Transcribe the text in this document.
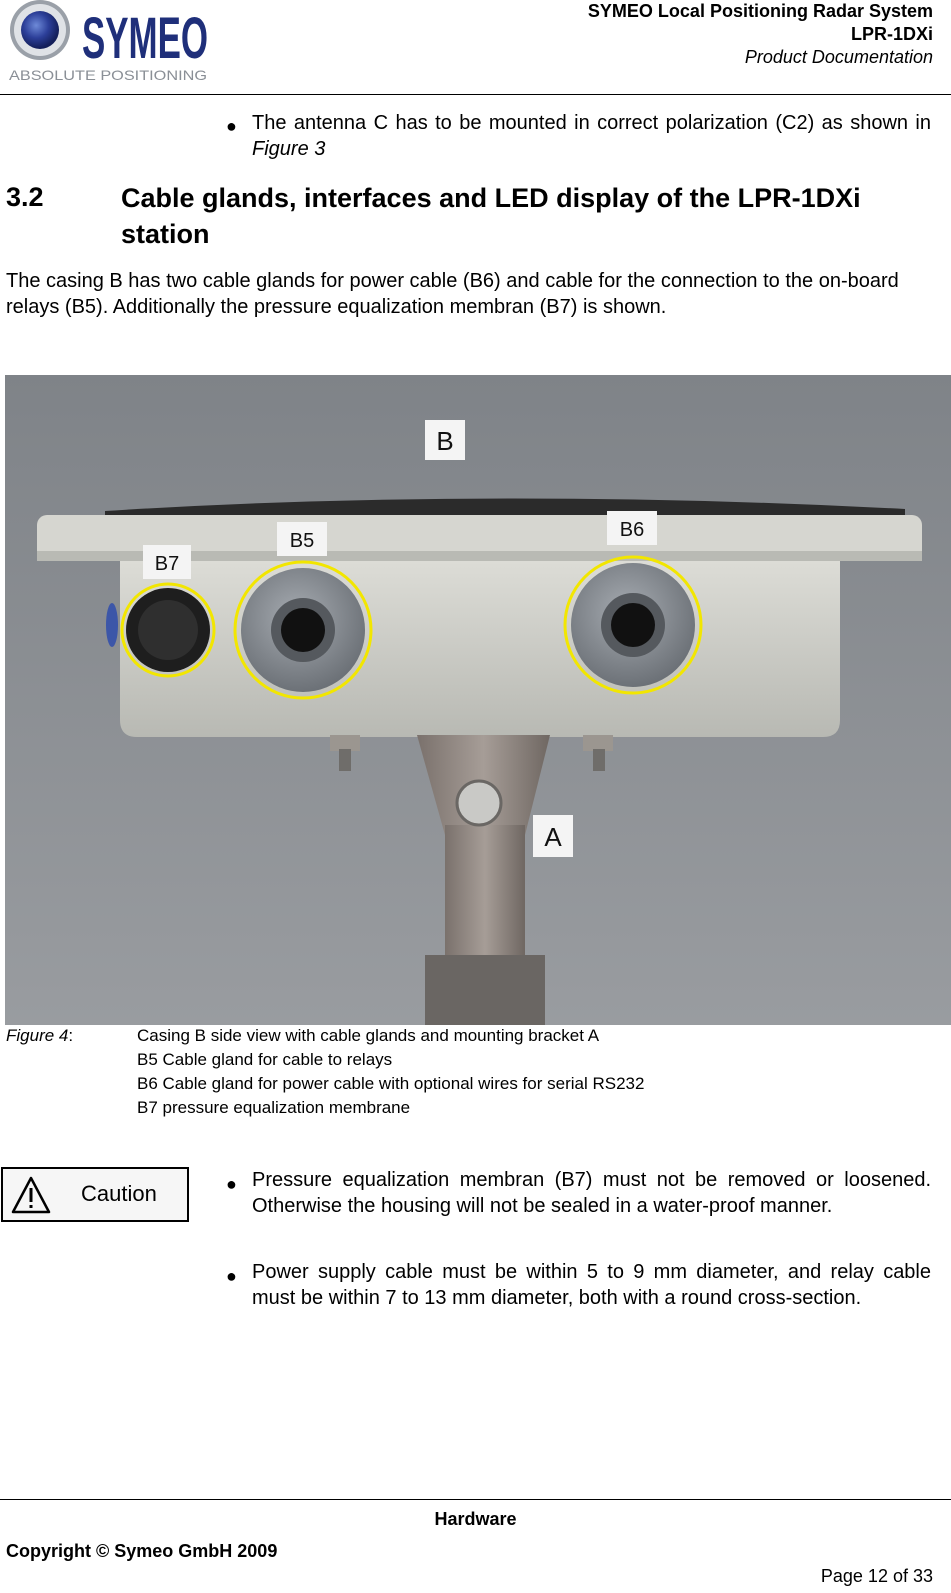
SYMEO
ABSOLUTE POSITIONING
SYMEO Local Positioning Radar System
LPR-1DXi
Product Documentation
● The antenna C has to be mounted in correct polarization (C2) as shown in Figure 3
3.2	Cable glands, interfaces and LED display of the LPR-1DXi station
The casing B has two cable glands for power cable (B6) and cable for the connection to the on-board relays (B5). Additionally the pressure equalization membran (B7) is shown.
B
B7
B5	B6
A
Figure 4:	Casing B side view with cable glands and mounting bracket A
B5 Cable gland for cable to relays
B6 Cable gland for power cable with optional wires for serial RS232
B7 pressure equalization membrane
Caution	● Pressure equalization membran (B7) must not be removed or loosened. Otherwise the housing will not be sealed in a water-proof manner.
● Power supply cable must be within 5 to 9 mm diameter, and relay cable must be within 7 to 13 mm diameter, both with a round cross-section.
Hardware
Copyright © Symeo GmbH 2009
Page 12 of 33
